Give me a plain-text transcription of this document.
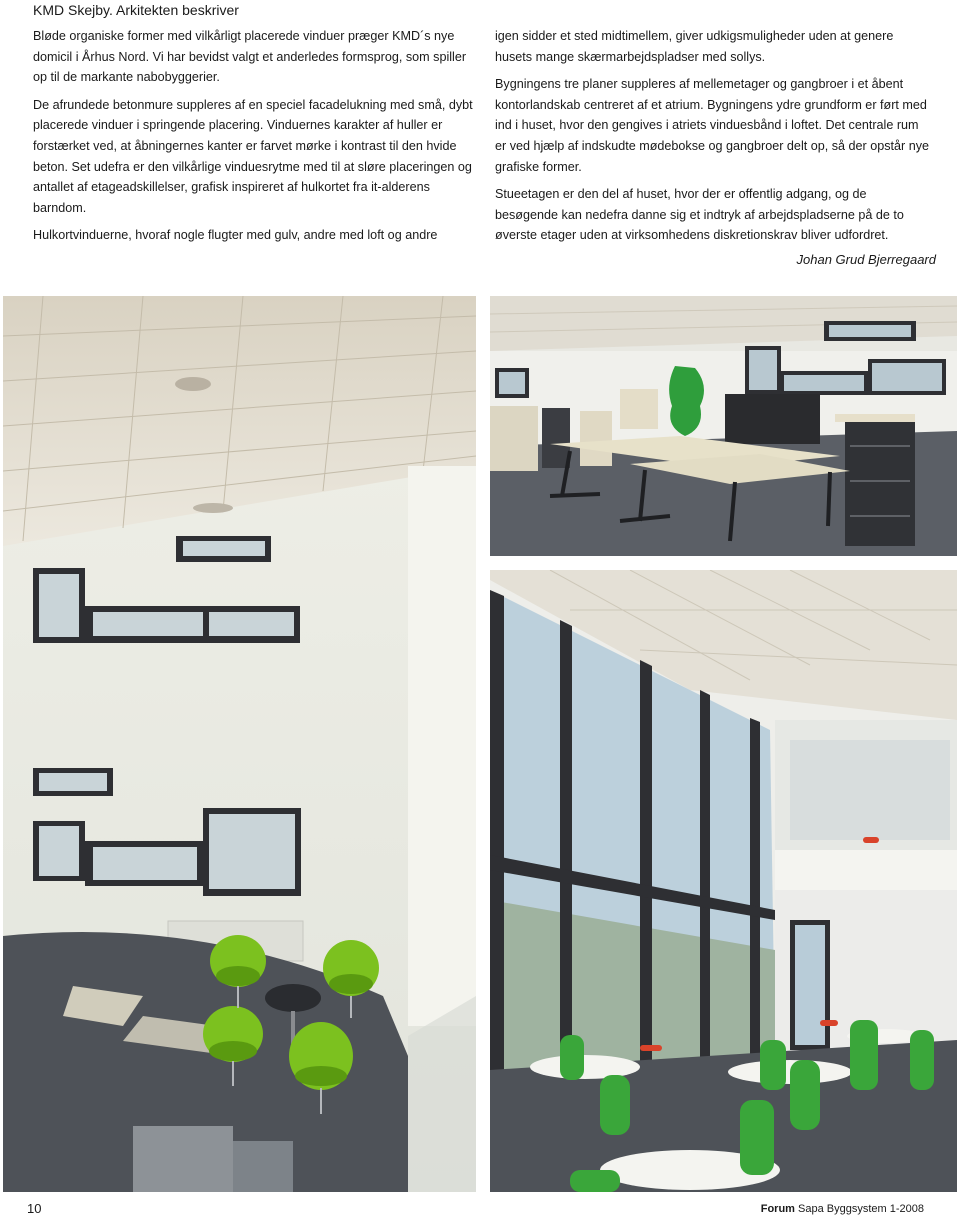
KMD Skejby. Arkitekten beskriver

Bløde organiske former med vilkårligt placerede vinduer præger KMD´s nye domicil i Århus Nord. Vi har bevidst valgt et anderledes formsprog, som spiller op til de markante nabobyggerier.

De afrundede betonmure suppleres af en speciel facadelukning med små, dybt placerede vinduer i springende placering. Vinduernes karakter af huller er forstærket ved, at åbningernes kanter er farvet mørke i kontrast til den hvide beton. Set udefra er den vilkårlige vinduesrytme med til at sløre placeringen og antallet af etageadskillelser, grafisk inspireret af hulkortet fra it-alderens barndom.

Hulkortvinduerne, hvoraf nogle flugter med gulv, andre med loft og andre

igen sidder et sted midtimellem, giver udkigsmuligheder uden at genere husets mange skærmarbejdspladser med sollys.

Bygningens tre planer suppleres af mellemetager og gangbroer i et åbent kontorlandskab centreret af et atrium. Bygningens ydre grundform er ført med ind i huset, hvor den gengives i atriets vinduesbånd i loftet. Det centrale rum er ved hjælp af indskudte mødebokse og gangbroer delt op, så der opstår nye grafiske former.

Stueetagen er den del af huset, hvor der er offentlig adgang, og de besøgende kan nedefra danne sig et indtryk af arbejdspladserne på de to øverste etager uden at virksomhedens diskretionskrav bliver udfordret.

Johan Grud Bjerregaard
10	Forum Sapa Byggsystem 1-2008
